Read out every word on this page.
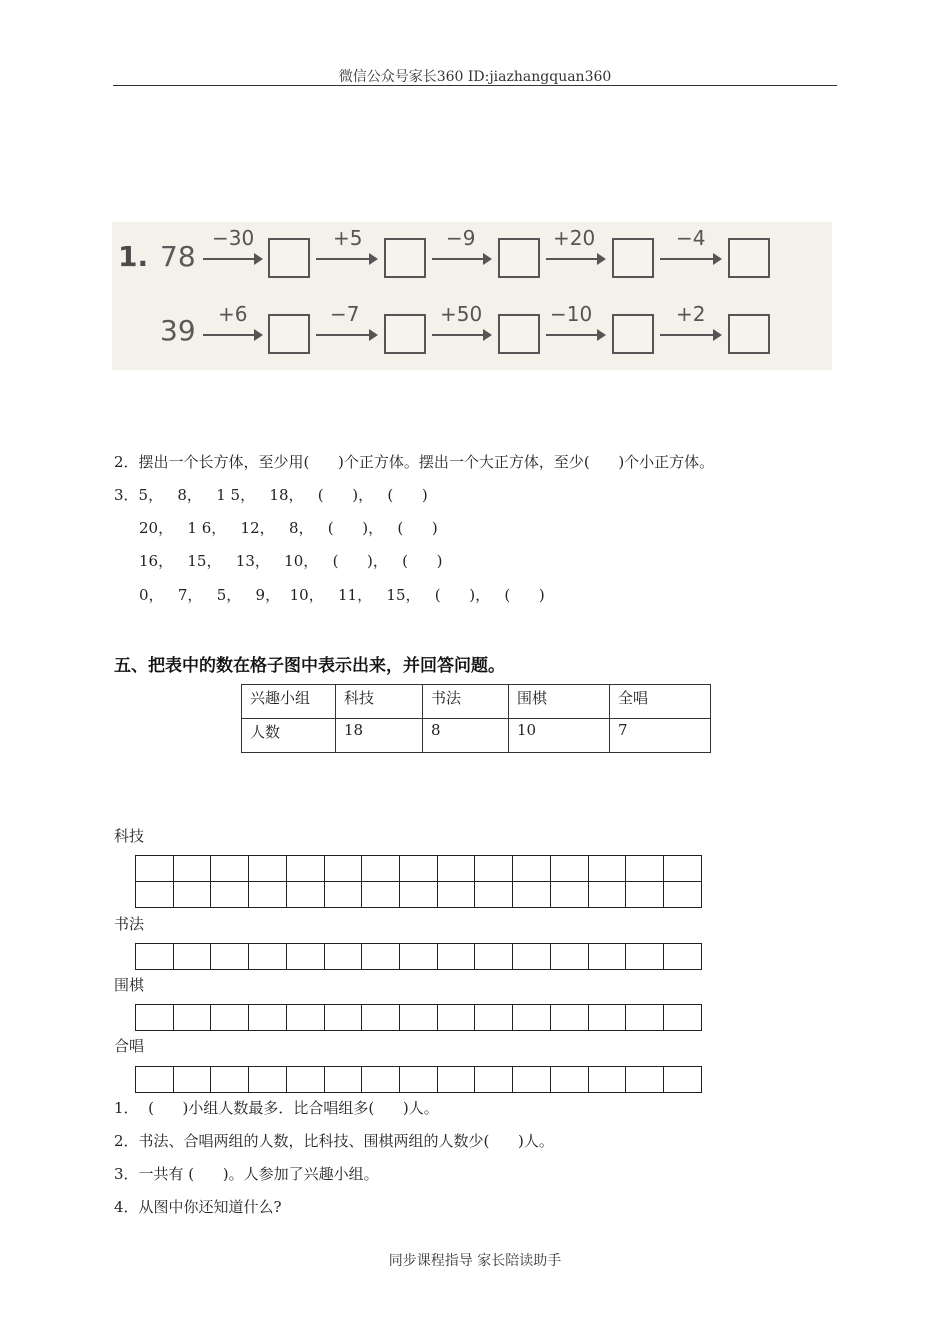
微信公众号家长360 ID:jiazhangquan360
1. 78
39
−30	+5	−9	+20	−4
+6	−7	+50	−10	+2
2．摆出一个长方体，至少用(      )个正方体。摆出一个大正方体，至少(      )个小正方体。
3．5，   8，   1 5，   18，   (      )，   (      )
20，   1 6，   12，   8，   (      )，   (      )
16，   15，   13，   10，   (      )，   (      )
0，   7，   5，   9，  10，   11，   15，   (      )，   (      )
五、把表中的数在格子图中表示出来，并回答问题。
兴趣小组	科技	书法	围棋	全唱
人数	18	8	10	7
科技
书法
围棋
合唱

1．  (      )小组人数最多．比合唱组多(      )人。
2．书法、合唱两组的人数，比科技、围棋两组的人数少(      )人。
3．一共有 (      )。人参加了兴趣小组。
4．从图中你还知道什么?
同步课程指导 家长陪读助手
